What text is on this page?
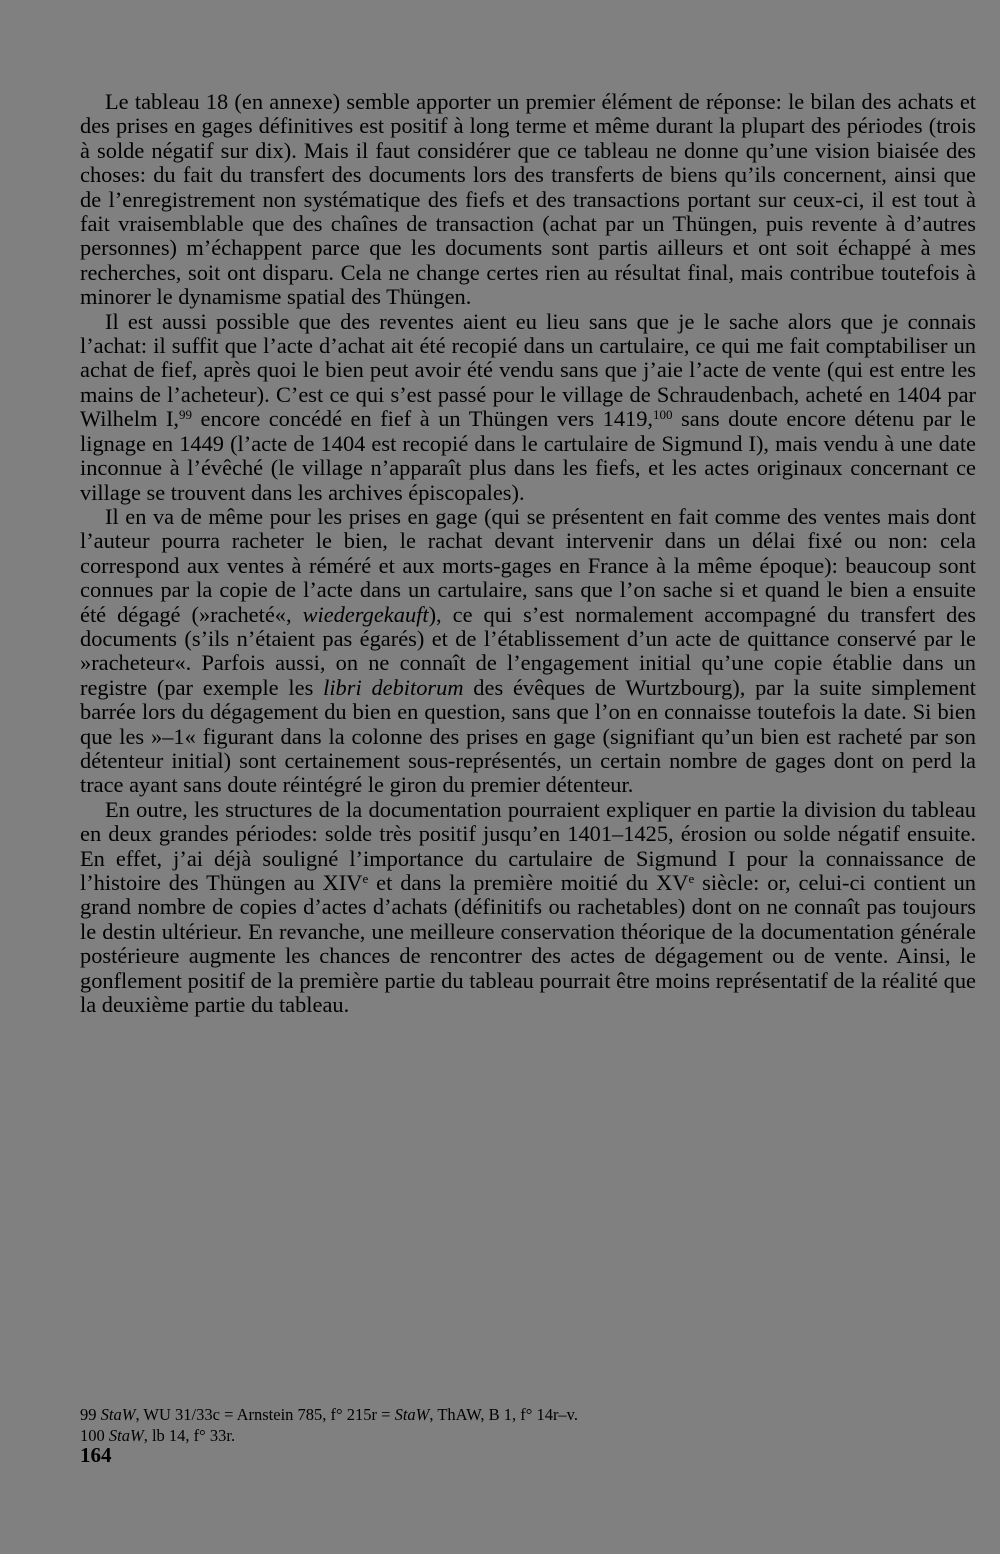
Le tableau 18 (en annexe) semble apporter un premier élément de réponse: le bilan des achats et des prises en gages définitives est positif à long terme et même durant la plupart des périodes (trois à solde négatif sur dix). Mais il faut considérer que ce tableau ne donne qu’une vision biaisée des choses: du fait du transfert des documents lors des transferts de biens qu’ils concernent, ainsi que de l’enregistrement non systématique des fiefs et des transactions portant sur ceux-ci, il est tout à fait vraisemblable que des chaînes de transaction (achat par un Thüngen, puis revente à d’autres personnes) m’échappent parce que les documents sont partis ailleurs et ont soit échappé à mes recherches, soit ont disparu. Cela ne change certes rien au résultat final, mais contribue toutefois à minorer le dynamisme spatial des Thüngen.

Il est aussi possible que des reventes aient eu lieu sans que je le sache alors que je connais l’achat: il suffit que l’acte d’achat ait été recopié dans un cartulaire, ce qui me fait comptabiliser un achat de fief, après quoi le bien peut avoir été vendu sans que j’aie l’acte de vente (qui est entre les mains de l’acheteur). C’est ce qui s’est passé pour le village de Schraudenbach, acheté en 1404 par Wilhelm I,$^{99}$ encore concédé en fief à un Thüngen vers 1419,$^{100}$ sans doute encore détenu par le lignage en 1449 (l’acte de 1404 est recopié dans le cartulaire de Sigmund I), mais vendu à une date inconnue à l’évêché (le village n’apparaît plus dans les fiefs, et les actes originaux concernant ce village se trouvent dans les archives épiscopales).

Il en va de même pour les prises en gage (qui se présentent en fait comme des ventes mais dont l’auteur pourra racheter le bien, le rachat devant intervenir dans un délai fixé ou non: cela correspond aux ventes à réméré et aux morts-gages en France à la même époque): beaucoup sont connues par la copie de l’acte dans un cartulaire, sans que l’on sache si et quand le bien a ensuite été dégagé (»racheté«, wiedergekauft), ce qui s’est normalement accompagné du transfert des documents (s’ils n’étaient pas égarés) et de l’établissement d’un acte de quittance conservé par le »racheteur«. Parfois aussi, on ne connaît de l’engagement initial qu’une copie établie dans un registre (par exemple les libri debitorum des évêques de Wurtzbourg), par la suite simplement barrée lors du dégagement du bien en question, sans que l’on en connaisse toutefois la date. Si bien que les »–1« figurant dans la colonne des prises en gage (signifiant qu’un bien est racheté par son détenteur initial) sont certainement sous-représentés, un certain nombre de gages dont on perd la trace ayant sans doute réintégré le giron du premier détenteur.

En outre, les structures de la documentation pourraient expliquer en partie la division du tableau en deux grandes périodes: solde très positif jusqu’en 1401–1425, érosion ou solde négatif ensuite. En effet, j’ai déjà souligné l’importance du cartulaire de Sigmund I pour la connaissance de l’histoire des Thüngen au XIVe et dans la première moitié du XVe siècle: or, celui-ci contient un grand nombre de copies d’actes d’achats (définitifs ou rachetables) dont on ne connaît pas toujours le destin ultérieur. En revanche, une meilleure conservation théorique de la documentation générale postérieure augmente les chances de rencontrer des actes de dégagement ou de vente. Ainsi, le gonflement positif de la première partie du tableau pourrait être moins représentatif de la réalité que la deuxième partie du tableau.

99 StaW, WU 31/33c = Arnstein 785, f° 215r = StaW, ThAW, B 1, f° 14r–v.

100 StaW, lb 14, f° 33r.

164
